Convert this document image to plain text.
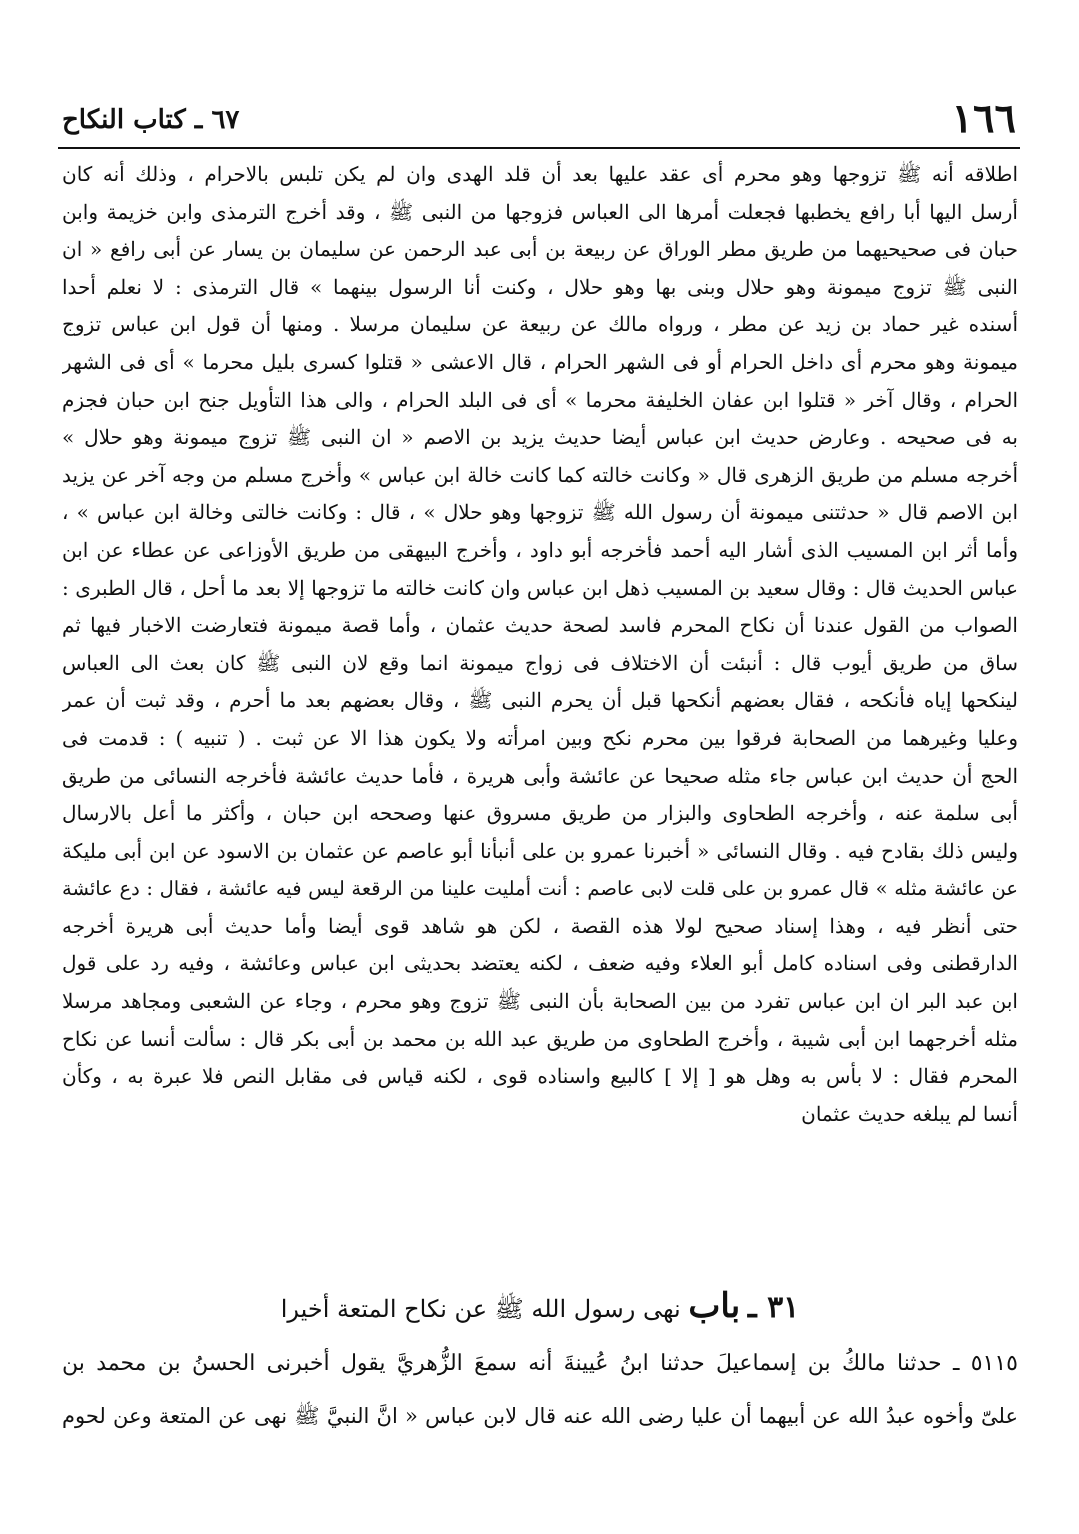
١٦٦
٦٧ ـ كتاب النكاح
اطلاقه أنه ﷺ تزوجها وهو محرم أى عقد عليها بعد أن قلد الهدى وان لم يكن تلبس بالاحرام ، وذلك أنه كان
أرسل اليها أبا رافع يخطبها فجعلت أمرها الى العباس فزوجها من النبى ﷺ ، وقد أخرج الترمذى وابن خزيمة وابن
حبان فى صحيحيهما من طريق مطر الوراق عن ربيعة بن أبى عبد الرحمن عن سليمان بن يسار عن أبى رافع « ان
النبى ﷺ تزوج ميمونة وهو حلال وبنى بها وهو حلال ، وكنت أنا الرسول بينهما » قال الترمذى : لا نعلم أحدا
أسنده غير حماد بن زيد عن مطر ، ورواه مالك عن ربيعة عن سليمان مرسلا . ومنها أن قول ابن عباس تزوج
ميمونة وهو محرم أى داخل الحرام أو فى الشهر الحرام ، قال الاعشى « قتلوا كسرى بليل محرما » أى فى الشهر
الحرام ، وقال آخر « قتلوا ابن عفان الخليفة محرما » أى فى البلد الحرام ، والى هذا التأويل جنح ابن حبان فجزم
به فى صحيحه . وعارض حديث ابن عباس أيضا حديث يزيد بن الاصم « ان النبى ﷺ تزوج ميمونة وهو حلال »
أخرجه مسلم من طريق الزهرى قال « وكانت خالته كما كانت خالة ابن عباس » وأخرج مسلم من وجه آخر عن يزيد
ابن الاصم قال « حدثتنى ميمونة أن رسول الله ﷺ تزوجها وهو حلال » ، قال : وكانت خالتى وخالة ابن عباس » ،
وأما أثر ابن المسيب الذى أشار اليه أحمد فأخرجه أبو داود ، وأخرج البيهقى من طريق الأوزاعى عن عطاء عن ابن
عباس الحديث قال : وقال سعيد بن المسيب ذهل ابن عباس وان كانت خالته ما تزوجها إلا بعد ما أحل ، قال الطبرى :
الصواب من القول عندنا أن نكاح المحرم فاسد لصحة حديث عثمان ، وأما قصة ميمونة فتعارضت الاخبار فيها ثم
ساق من طريق أيوب قال : أنبئت أن الاختلاف فى زواج ميمونة انما وقع لان النبى ﷺ كان بعث الى العباس
لينكحها إياه فأنكحه ، فقال بعضهم أنكحها قبل أن يحرم النبى ﷺ ، وقال بعضهم بعد ما أحرم ، وقد ثبت أن عمر
وعليا وغيرهما من الصحابة فرقوا بين محرم نكح وبين امرأته ولا يكون هذا الا عن ثبت . ( تنبيه ) : قدمت فى
الحج أن حديث ابن عباس جاء مثله صحيحا عن عائشة وأبى هريرة ، فأما حديث عائشة فأخرجه النسائى من طريق
أبى سلمة عنه ، وأخرجه الطحاوى والبزار من طريق مسروق عنها وصححه ابن حبان ، وأكثر ما أعل بالارسال
وليس ذلك بقادح فيه . وقال النسائى « أخبرنا عمرو بن على أنبأنا أبو عاصم عن عثمان بن الاسود عن ابن أبى مليكة
عن عائشة مثله » قال عمرو بن على قلت لابى عاصم : أنت أمليت علينا من الرقعة ليس فيه عائشة ، فقال : دع عائشة
حتى أنظر فيه ، وهذا إسناد صحيح لولا هذه القصة ، لكن هو شاهد قوى أيضا وأما حديث أبى هريرة أخرجه
الدارقطنى وفى اسناده كامل أبو العلاء وفيه ضعف ، لكنه يعتضد بحديثى ابن عباس وعائشة ، وفيه رد على قول
ابن عبد البر ان ابن عباس تفرد من بين الصحابة بأن النبى ﷺ تزوج وهو محرم ، وجاء عن الشعبى ومجاهد مرسلا
مثله أخرجهما ابن أبى شيبة ، وأخرج الطحاوى من طريق عبد الله بن محمد بن أبى بكر قال : سألت أنسا عن نكاح
المحرم فقال : لا بأس به وهل هو [ إلا ] كالبيع واسناده قوى ، لكنه قياس فى مقابل النص فلا عبرة به ، وكأن
أنسا لم يبلغه حديث عثمان
٣١ ـ باب نهى رسول الله ﷺ عن نكاح المتعة أخيرا
٥١١٥ ـ حدثنا مالكُ بن إسماعيلَ حدثنا ابنُ عُيينةَ أنه سمعَ الزُّهريَّ يقول أخبرنى الحسنُ بن محمد بن
علىّ وأخوه عبدُ الله عن أبيهما أن عليا رضى الله عنه قال لابن عباس « انَّ النبيَّ ﷺ نهى عن المتعة وعن لحوم
